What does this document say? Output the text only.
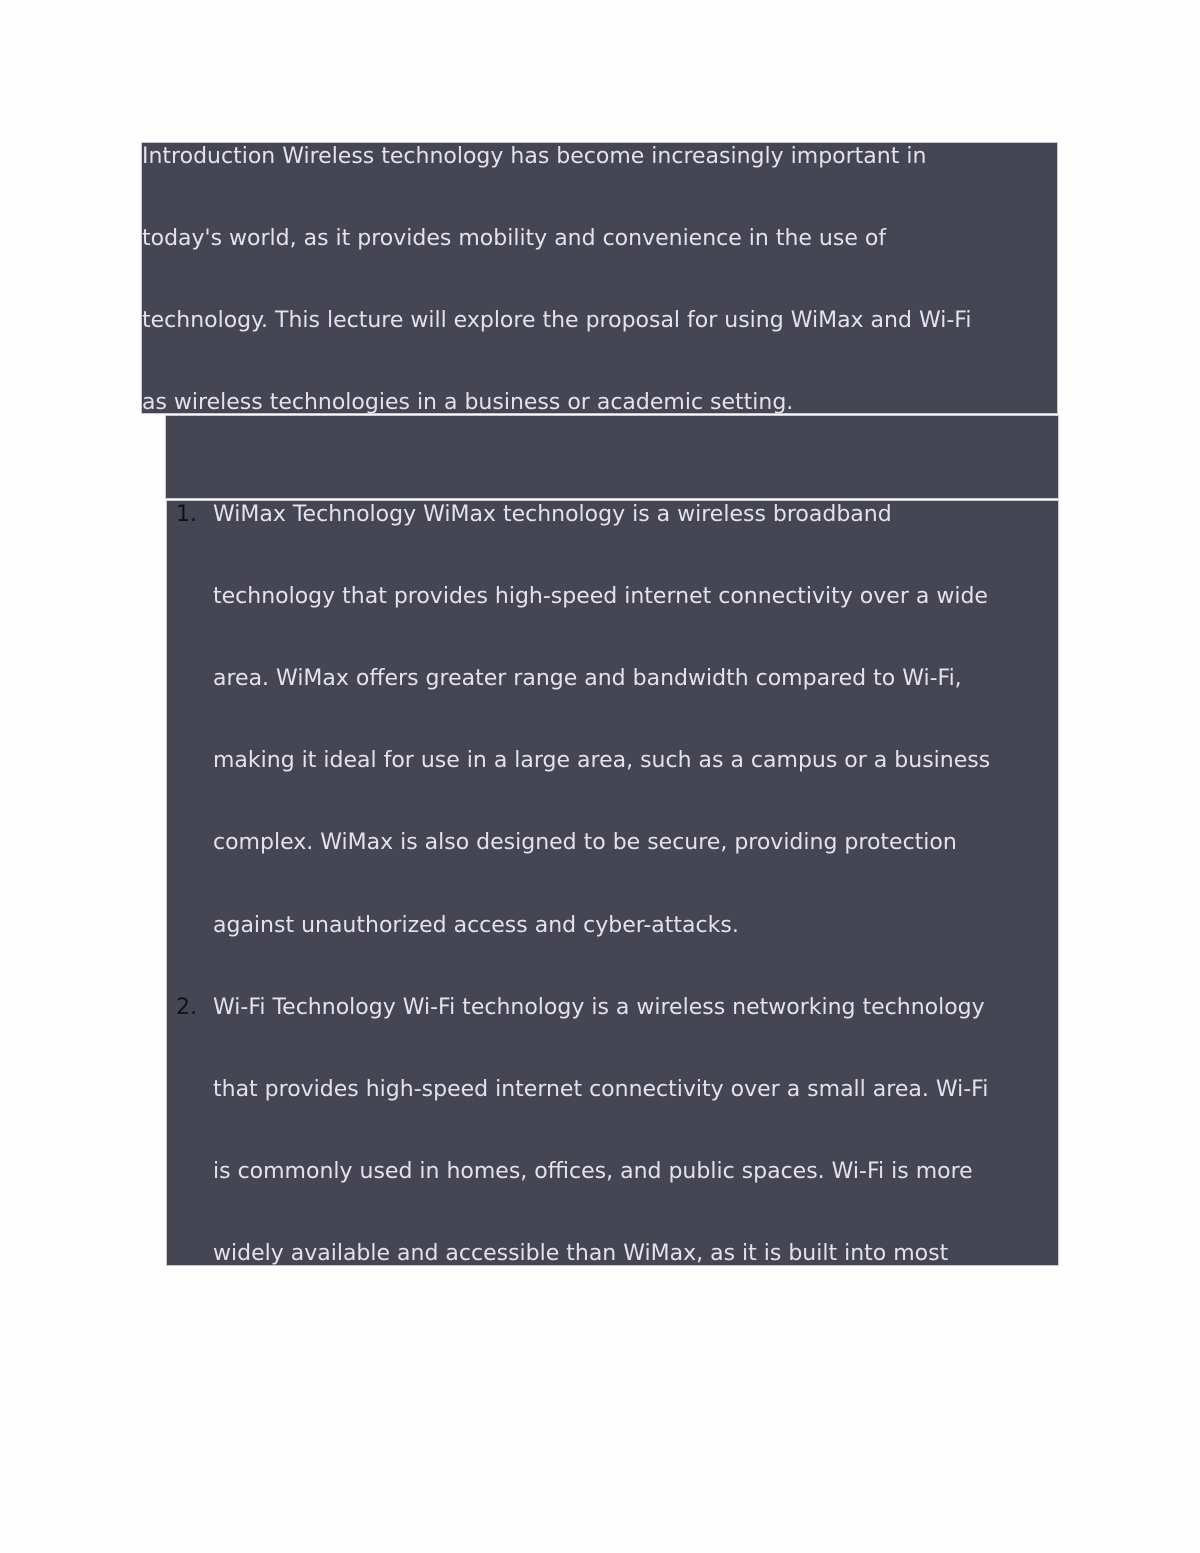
Introduction Wireless technology has become increasingly important in
today's world, as it provides mobility and convenience in the use of
technology. This lecture will explore the proposal for using WiMax and Wi-Fi
as wireless technologies in a business or academic setting.
1. WiMax Technology WiMax technology is a wireless broadband
technology that provides high-speed internet connectivity over a wide
area. WiMax offers greater range and bandwidth compared to Wi-Fi,
making it ideal for use in a large area, such as a campus or a business
complex. WiMax is also designed to be secure, providing protection
against unauthorized access and cyber-attacks.
2. Wi-Fi Technology Wi-Fi technology is a wireless networking technology
that provides high-speed internet connectivity over a small area. Wi-Fi
is commonly used in homes, offices, and public spaces. Wi-Fi is more
widely available and accessible than WiMax, as it is built into most
